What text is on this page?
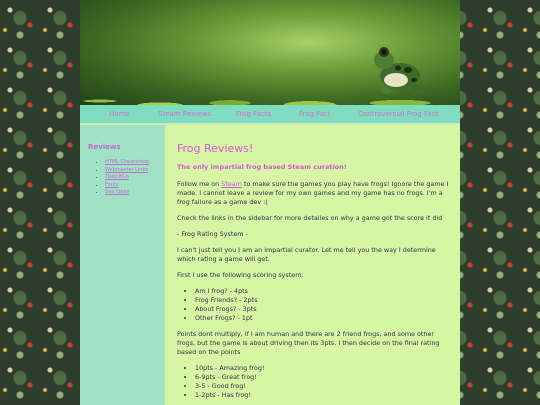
Home	Steam Reviews	Frog Facts	Frog Fact	Controversial Frog Fact
Reviews
• HTML Cheatsheet
• Webmaster Links
• Tbell 8Go
• Fonts
• See Ideas
Frog Reviews!
The only impartial frog based Steam curation!

Follow me on Steam to make sure the games you play have frogs! Ignore the game I made. I cannot leave a review for my own games and my game has no frogs. I'm a frog failure as a game dev :(

Check the links in the sidebar for more detailes on why a game got the score it did

- Frog Rating System -

I can't just tell you I am an impartial curator. Let me tell you the way I determine which rating a game will get.

First I use the following scoring system:

• Am I frog? - 4pts
• Frog Friends? - 2pts
• About Frogs? - 3pts
• Other Frogs? - 1pt

Points dont multiply, if I am human and there are 2 friend frogs, and some other frogs, but the game is about driving then its 3pts. I then decide on the final rating based on the points

• 10pts - Amazing frog!
• 6-9pts - Great frog!
• 3-5 - Good frog!
• 1-2pts - Has frog!
